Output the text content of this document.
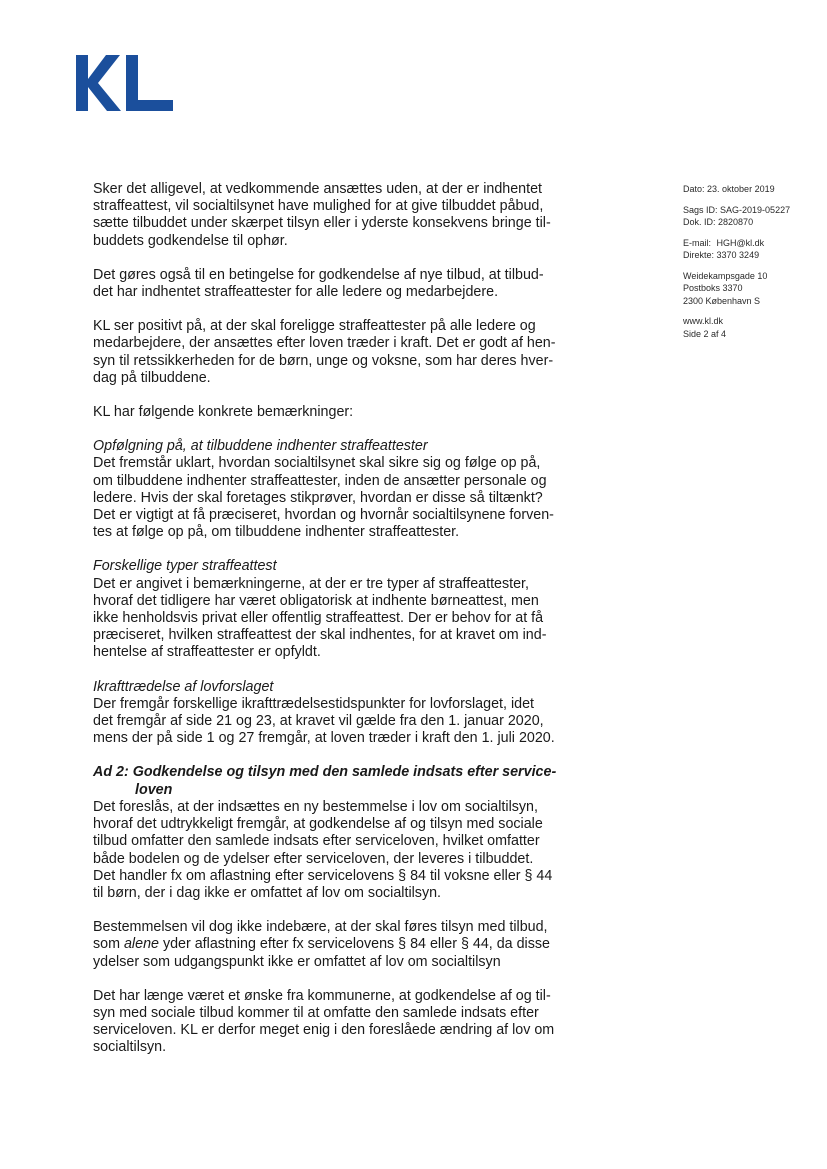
Dato: 23. oktober 2019
Sags ID: SAG-2019-05227
Dok. ID: 2820870
E-mail: HGH@kl.dk
Direkte: 3370 3249
Weidekampsgade 10
Postboks 3370
2300 København S
www.kl.dk
Side 2 af 4

Sker det alligevel, at vedkommende ansættes uden, at der er indhentet
straffeattest, vil socialtilsynet have mulighed for at give tilbuddet påbud,
sætte tilbuddet under skærpet tilsyn eller i yderste konsekvens bringe til-
buddets godkendelse til ophør.

Det gøres også til en betingelse for godkendelse af nye tilbud, at tilbud-
det har indhentet straffeattester for alle ledere og medarbejdere.

KL ser positivt på, at der skal foreligge straffeattester på alle ledere og
medarbejdere, der ansættes efter loven træder i kraft. Det er godt af hen-
syn til retssikkerheden for de børn, unge og voksne, som har deres hver-
dag på tilbuddene.

KL har følgende konkrete bemærkninger:

Opfølgning på, at tilbuddene indhenter straffeattester
Det fremstår uklart, hvordan socialtilsynet skal sikre sig og følge op på,
om tilbuddene indhenter straffeattester, inden de ansætter personale og
ledere. Hvis der skal foretages stikprøver, hvordan er disse så tiltænkt?
Det er vigtigt at få præciseret, hvordan og hvornår socialtilsynene forven-
tes at følge op på, om tilbuddene indhenter straffeattester.

Forskellige typer straffeattest
Det er angivet i bemærkningerne, at der er tre typer af straffeattester,
hvoraf det tidligere har været obligatorisk at indhente børneattest, men
ikke henholdsvis privat eller offentlig straffeattest. Der er behov for at få
præciseret, hvilken straffeattest der skal indhentes, for at kravet om ind-
hentelse af straffeattester er opfyldt.

Ikrafttrædelse af lovforslaget
Der fremgår forskellige ikrafttrædelsestidspunkter for lovforslaget, idet
det fremgår af side 21 og 23, at kravet vil gælde fra den 1. januar 2020,
mens der på side 1 og 27 fremgår, at loven træder i kraft den 1. juli 2020.

Ad 2: Godkendelse og tilsyn med den samlede indsats efter service-
loven
Det foreslås, at der indsættes en ny bestemmelse i lov om socialtilsyn,
hvoraf det udtrykkeligt fremgår, at godkendelse af og tilsyn med sociale
tilbud omfatter den samlede indsats efter serviceloven, hvilket omfatter
både bodelen og de ydelser efter serviceloven, der leveres i tilbuddet.
Det handler fx om aflastning efter servicelovens § 84 til voksne eller § 44
til børn, der i dag ikke er omfattet af lov om socialtilsyn.

Bestemmelsen vil dog ikke indebære, at der skal føres tilsyn med tilbud,
som alene yder aflastning efter fx servicelovens § 84 eller § 44, da disse
ydelser som udgangspunkt ikke er omfattet af lov om socialtilsyn

Det har længe været et ønske fra kommunerne, at godkendelse af og til-
syn med sociale tilbud kommer til at omfatte den samlede indsats efter
serviceloven. KL er derfor meget enig i den foreslåede ændring af lov om
socialtilsyn.
